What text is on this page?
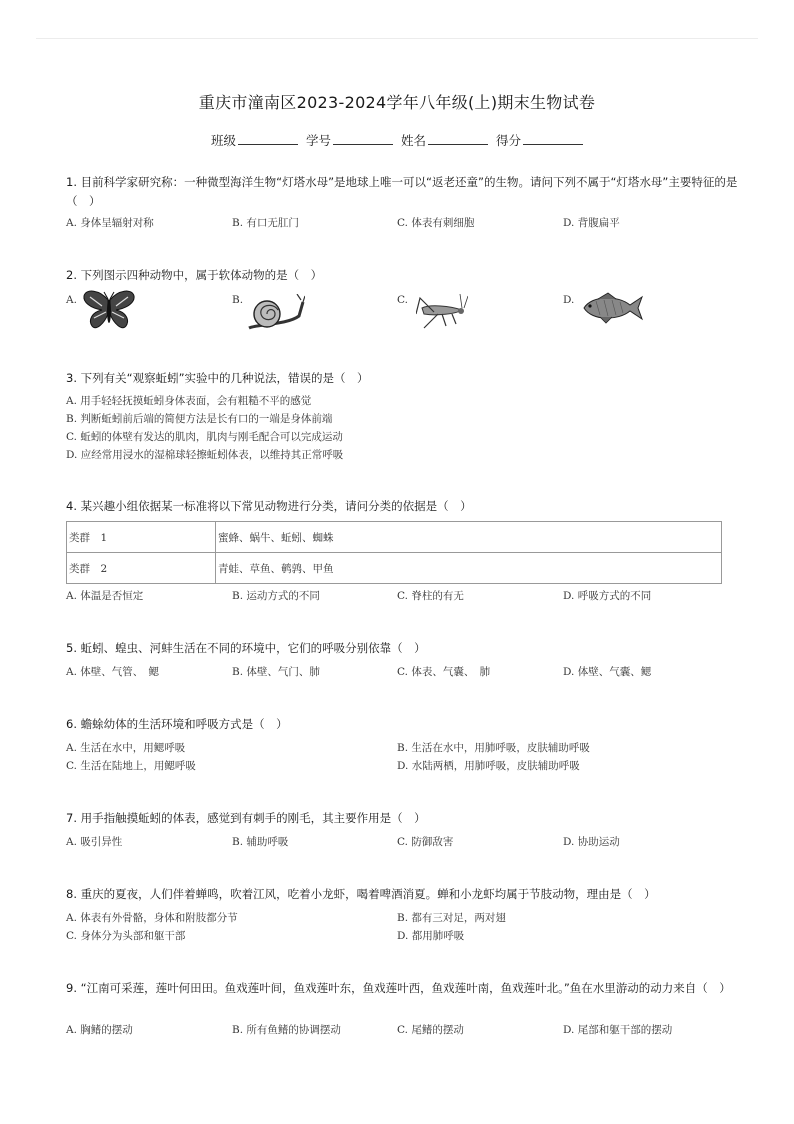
重庆市潼南区2023-2024学年八年级(上)期末生物试卷
班级	学号	姓名	得分
1. 目前科学家研究称：一种微型海洋生物“灯塔水母”是地球上唯一可以“返老还童”的生物。请问下列不属于“灯塔水母”主要特征的是（　）
A. 身体呈辐射对称	B. 有口无肛门	C. 体表有刺细胞	D. 背腹扁平
2. 下列图示四种动物中，属于软体动物的是（　）
A.	B.	C.	D.
3. 下列有关“观察蚯蚓”实验中的几种说法，错误的是（　）
A. 用手轻轻抚摸蚯蚓身体表面，会有粗糙不平的感觉
B. 判断蚯蚓前后端的简便方法是长有口的一端是身体前端
C. 蚯蚓的体壁有发达的肌肉，肌肉与刚毛配合可以完成运动
D. 应经常用浸水的湿棉球轻擦蚯蚓体表，以维持其正常呼吸
4. 某兴趣小组依据某一标准将以下常见动物进行分类，请问分类的依据是（　）
类群　1	蜜蜂、蜗牛、蚯蚓、蜘蛛
类群　2	青蛙、草鱼、鹌鹑、甲鱼
A. 体温是否恒定	B. 运动方式的不同	C. 脊柱的有无	D. 呼吸方式的不同
5. 蚯蚓、蝗虫、河蚌生活在不同的环境中，它们的呼吸分别依靠（　）
A. 体壁、气管、　鳃	B. 体壁、气门、肺	C. 体表、气囊、　肺	D. 体壁、气囊、鳃
6. 蟾蜍幼体的生活环境和呼吸方式是（　）
A. 生活在水中，用鳃呼吸	B. 生活在水中，用肺呼吸，皮肤辅助呼吸
C. 生活在陆地上，用鳃呼吸	D. 水陆两栖，用肺呼吸，皮肤辅助呼吸
7. 用手指触摸蚯蚓的体表，感觉到有刺手的刚毛，其主要作用是（　）
A. 吸引异性	B. 辅助呼吸	C. 防御敌害	D. 协助运动
8. 重庆的夏夜，人们伴着蝉鸣，吹着江风，吃着小龙虾，喝着啤酒消夏。蝉和小龙虾均属于节肢动物，理由是（　）
A. 体表有外骨骼，身体和附肢都分节	B. 都有三对足，两对翅
C. 身体分为头部和躯干部	D. 都用肺呼吸
9. “江南可采莲，莲叶何田田。鱼戏莲叶间，鱼戏莲叶东，鱼戏莲叶西，鱼戏莲叶南，鱼戏莲叶北。”鱼在水里游动的动力来自（　）
A. 胸鳍的摆动	B. 所有鱼鳍的协调摆动	C. 尾鳍的摆动	D. 尾部和躯干部的摆动
